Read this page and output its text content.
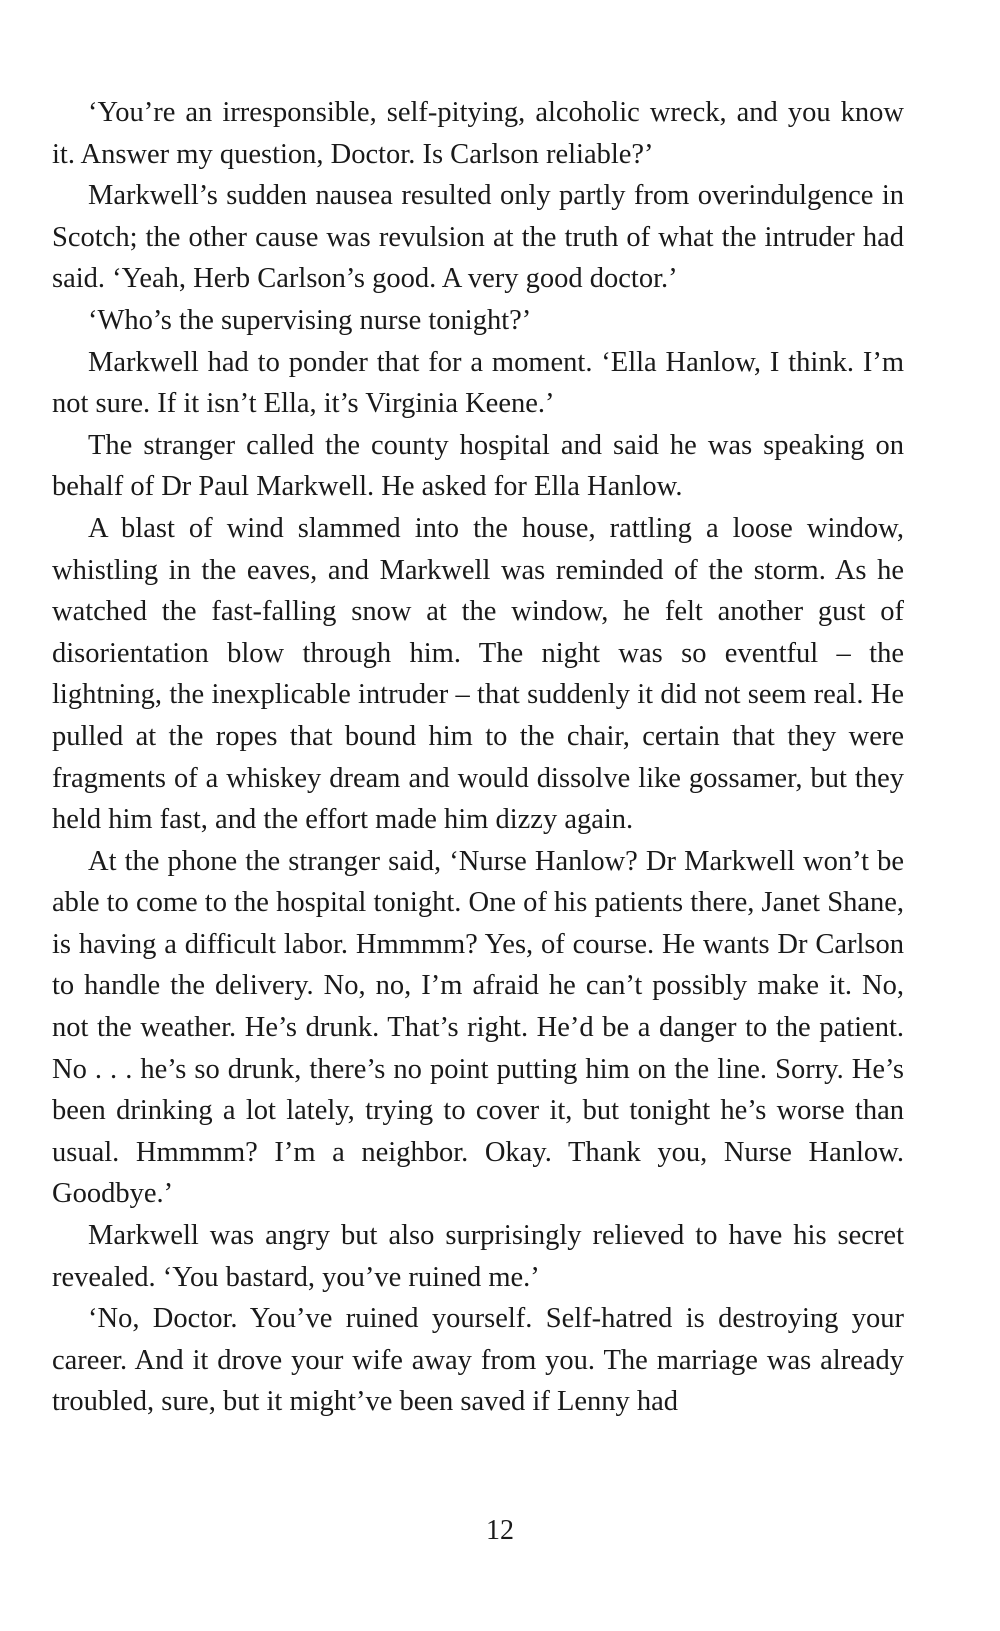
‘You’re an irresponsible, self-pitying, alcoholic wreck, and you know it. Answer my question, Doctor. Is Carlson reliable?’

Markwell’s sudden nausea resulted only partly from overindulgence in Scotch; the other cause was revulsion at the truth of what the intruder had said. ‘Yeah, Herb Carlson’s good. A very good doctor.’

‘Who’s the supervising nurse tonight?’

Markwell had to ponder that for a moment. ‘Ella Hanlow, I think. I’m not sure. If it isn’t Ella, it’s Virginia Keene.’

The stranger called the county hospital and said he was speaking on behalf of Dr Paul Markwell. He asked for Ella Hanlow.

A blast of wind slammed into the house, rattling a loose window, whistling in the eaves, and Markwell was reminded of the storm. As he watched the fast-falling snow at the window, he felt another gust of disorientation blow through him. The night was so eventful – the lightning, the inexplicable intruder – that suddenly it did not seem real. He pulled at the ropes that bound him to the chair, certain that they were fragments of a whiskey dream and would dissolve like gossamer, but they held him fast, and the effort made him dizzy again.

At the phone the stranger said, ‘Nurse Hanlow? Dr Markwell won’t be able to come to the hospital tonight. One of his patients there, Janet Shane, is having a difficult labor. Hmmmm? Yes, of course. He wants Dr Carlson to handle the delivery. No, no, I’m afraid he can’t possibly make it. No, not the weather. He’s drunk. That’s right. He’d be a danger to the patient. No . . . he’s so drunk, there’s no point putting him on the line. Sorry. He’s been drinking a lot lately, trying to cover it, but tonight he’s worse than usual. Hmmmm? I’m a neighbor. Okay. Thank you, Nurse Hanlow. Goodbye.’

Markwell was angry but also surprisingly relieved to have his secret revealed. ‘You bastard, you’ve ruined me.’

‘No, Doctor. You’ve ruined yourself. Self-hatred is destroying your career. And it drove your wife away from you. The marriage was already troubled, sure, but it might’ve been saved if Lenny had

12
